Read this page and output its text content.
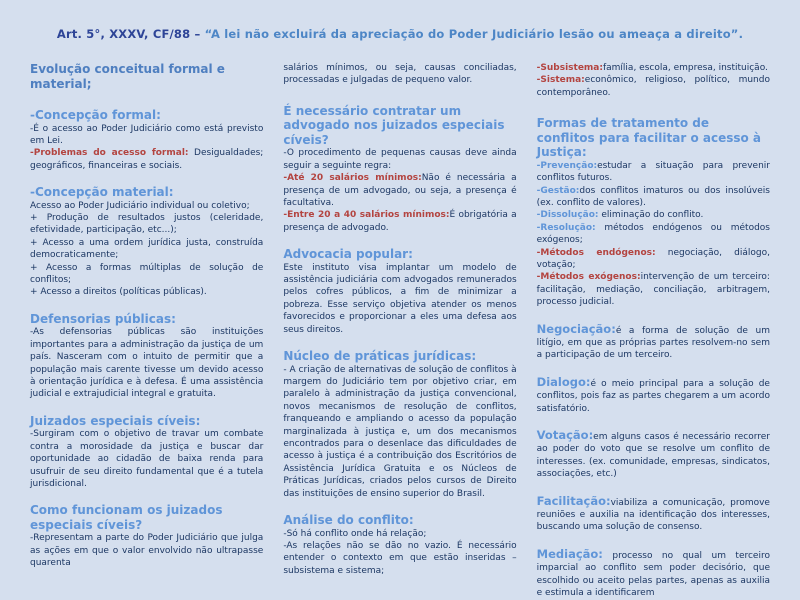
Art. 5°, XXXV, CF/88 – “A lei não excluirá da apreciação do Poder Judiciário lesão ou ameaça a direito”.

Evolução conceitual formal e material;

-Concepção formal:

-É o acesso ao Poder Judiciário como está previsto em Lei.

-Problemas do acesso formal: Desigualdades; geográficos, financeiras e sociais.

-Concepção material:

Acesso ao Poder Judiciário individual ou coletivo;

+ Produção de resultados justos (celeridade, efetividade, participação, etc...);

+ Acesso a uma ordem jurídica justa, construída democraticamente;

+ Acesso a formas múltiplas de solução de conflitos;

+ Acesso a direitos (políticas públicas).

Defensorias públicas:

-As defensorias públicas são instituições importantes para a administração da justiça de um país. Nasceram com o intuito de permitir que a população mais carente tivesse um devido acesso à orientação jurídica e à defesa. É uma assistência judicial e extrajudicial integral e gratuita.

Juizados especiais cíveis:

-Surgiram com o objetivo de travar um combate contra a morosidade da justiça e buscar dar oportunidade ao cidadão de baixa renda para usufruir de seu direito fundamental que é a tutela jurisdicional.

Como funcionam os juizados especiais cíveis?

-Representam a parte do Poder Judiciário que julga as ações em que o valor envolvido não ultrapasse quarenta

salários mínimos, ou seja, causas conciliadas, processadas e julgadas de pequeno valor.

É necessário contratar um advogado nos juizados especiais cíveis?

-O procedimento de pequenas causas deve ainda seguir a seguinte regra:

-Até 20 salários mínimos:Não é necessária a presença de um advogado, ou seja, a presença é facultativa.

-Entre 20 a 40 salários mínimos:É obrigatória a presença de advogado.

Advocacia popular:

Este instituto visa implantar um modelo de assistência judiciária com advogados remunerados pelos cofres públicos, a fim de minimizar a pobreza. Esse serviço objetiva atender os menos favorecidos e proporcionar a eles uma defesa aos seus direitos.

Núcleo de práticas jurídicas:

- A criação de alternativas de solução de conflitos à margem do Judiciário tem por objetivo criar, em paralelo à administração da justiça convencional, novos mecanismos de resolução de conflitos, franqueando e ampliando o acesso da população marginalizada à justiça e, um dos mecanismos encontrados para o desenlace das dificuldades de acesso à justiça é a contribuição dos Escritórios de Assistência Jurídica Gratuita e os Núcleos de Práticas Jurídicas, criados pelos cursos de Direito das instituições de ensino superior do Brasil.

Análise do conflito:

-Só há conflito onde há relação;

-As relações não se dão no vazio. É necessário entender o contexto em que estão inseridas – subsistema e sistema;

-Subsistema:família, escola, empresa, instituição.

-Sistema:econômico, religioso, político, mundo contemporâneo.

Formas de tratamento de conflitos para facilitar o acesso à Justiça:

-Prevenção:estudar a situação para prevenir conflitos futuros.

-Gestão:dos conflitos imaturos ou dos insolúveis (ex. conflito de valores).

-Dissolução: eliminação do conflito.

-Resolução: métodos endógenos ou métodos exógenos;

-Métodos endógenos: negociação, diálogo, votação;

-Métodos exógenos:intervenção de um terceiro: facilitação, mediação, conciliação, arbitragem, processo judicial.

Negociação:é a forma de solução de um litígio, em que as próprias partes resolvem-no sem a participação de um terceiro.

Dialogo:é o meio principal para a solução de conflitos, pois faz as partes chegarem a um acordo satisfatório.

Votação:em alguns casos é necessário recorrer ao poder do voto que se resolve um conflito de interesses. (ex. comunidade, empresas, sindicatos, associações, etc.)

Facilitação:viabiliza a comunicação, promove reuniões e auxilia na identificação dos interesses, buscando uma solução de consenso.

Mediação: processo no qual um terceiro imparcial ao conflito sem poder decisório, que escolhido ou aceito pelas partes, apenas as auxilia e estimula a identificarem
